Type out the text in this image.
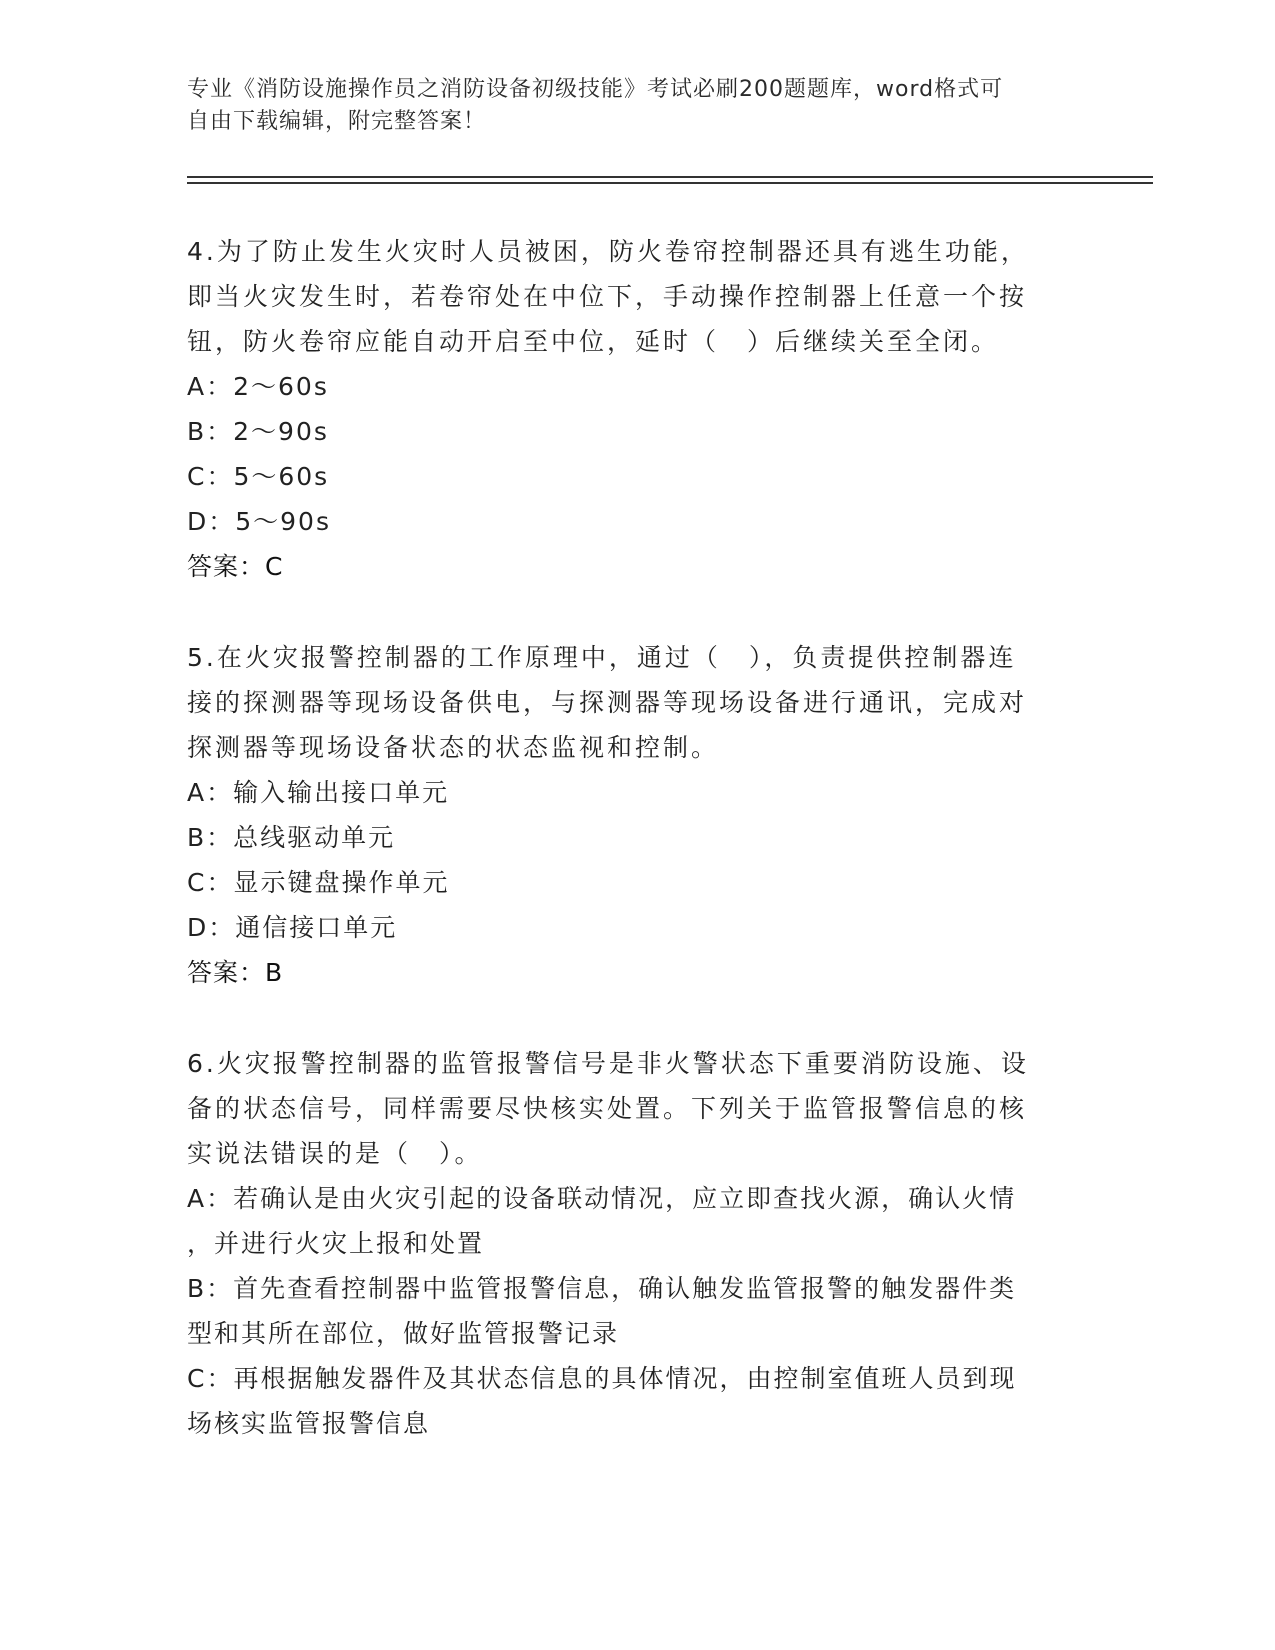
专业《消防设施操作员之消防设备初级技能》考试必刷200题题库，word格式可
自由下载编辑，附完整答案！
4.为了防止发生火灾时人员被困，防火卷帘控制器还具有逃生功能，
即当火灾发生时，若卷帘处在中位下，手动操作控制器上任意一个按
钮，防火卷帘应能自动开启至中位，延时（　）后继续关至全闭。
A：2～60s
B：2～90s
C：5～60s
D：5～90s
答案：C
5.在火灾报警控制器的工作原理中，通过（　），负责提供控制器连
接的探测器等现场设备供电，与探测器等现场设备进行通讯，完成对
探测器等现场设备状态的状态监视和控制。
A：输入输出接口单元
B：总线驱动单元
C：显示键盘操作单元
D：通信接口单元
答案：B
6.火灾报警控制器的监管报警信号是非火警状态下重要消防设施、设
备的状态信号，同样需要尽快核实处置。下列关于监管报警信息的核
实说法错误的是（　）。
A：若确认是由火灾引起的设备联动情况，应立即查找火源，确认火情
，并进行火灾上报和处置
B：首先查看控制器中监管报警信息，确认触发监管报警的触发器件类
型和其所在部位，做好监管报警记录
C：再根据触发器件及其状态信息的具体情况，由控制室值班人员到现
场核实监管报警信息
